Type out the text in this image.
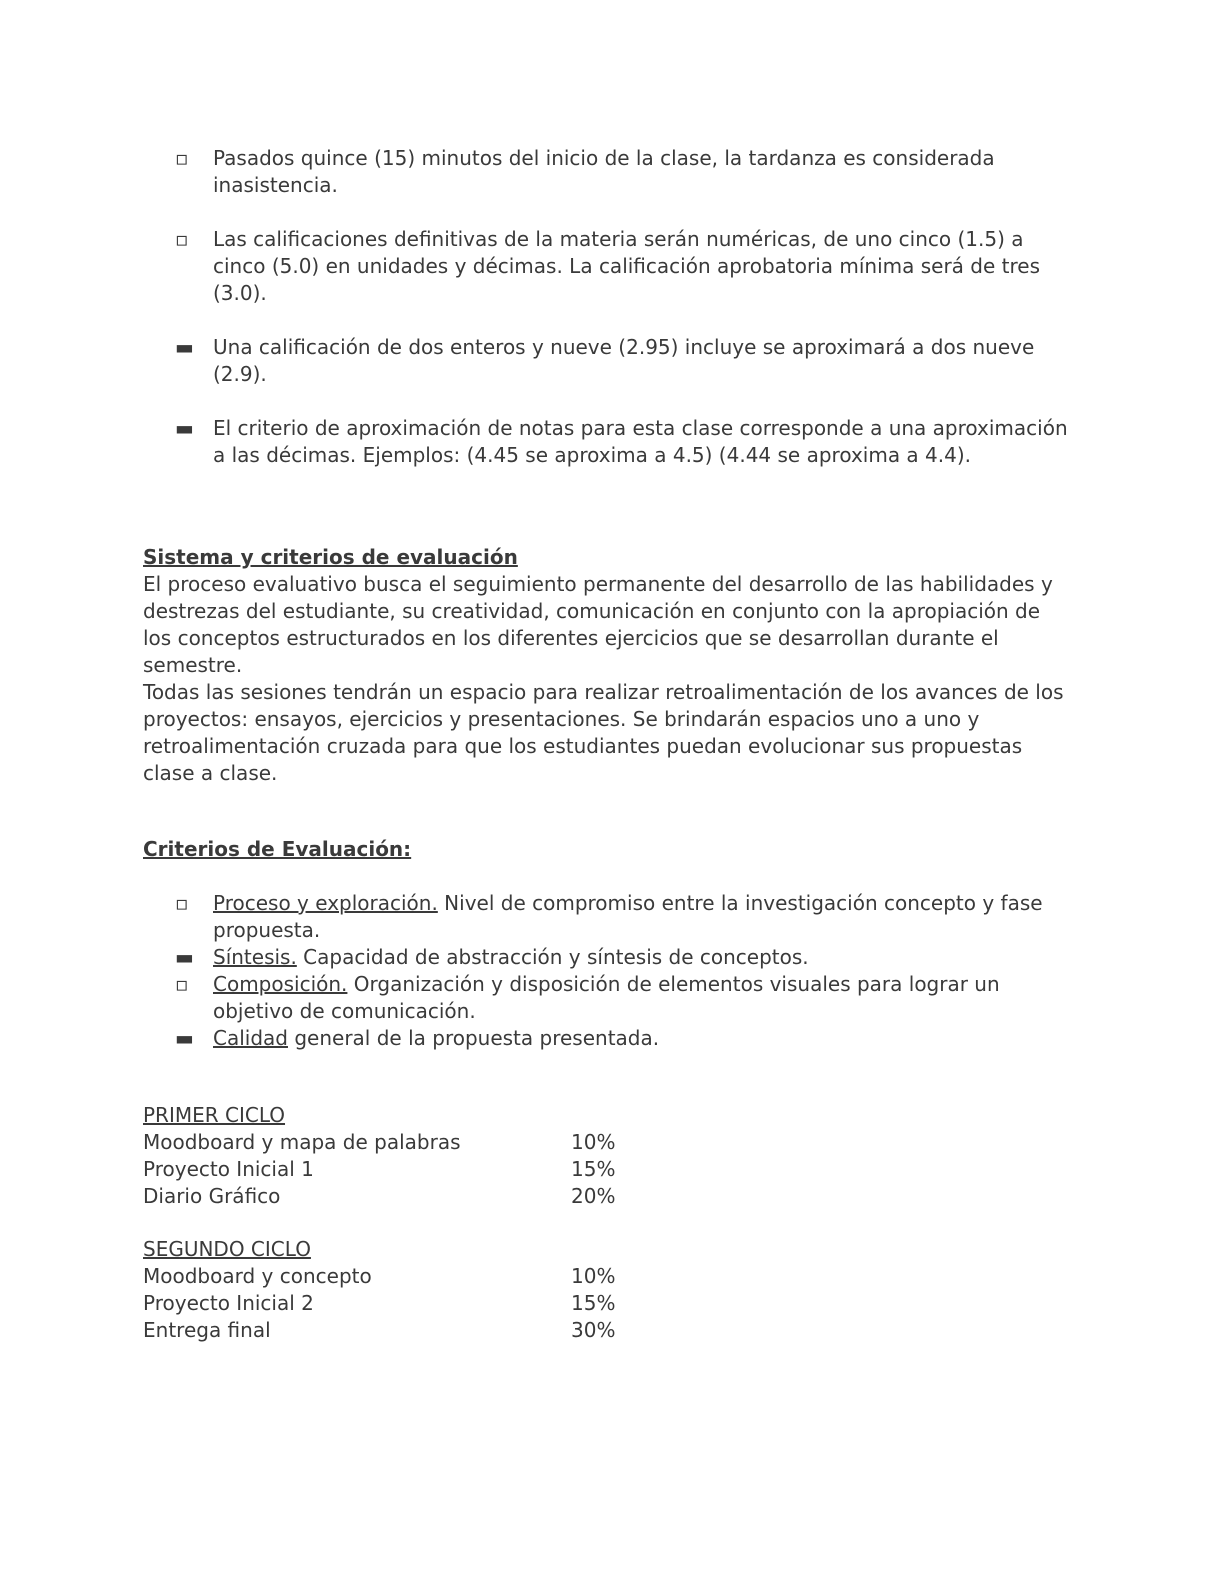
▫	Pasados quince (15) minutos del inicio de la clase, la tardanza es considerada inasistencia.
▫	Las calificaciones definitivas de la materia serán numéricas, de uno cinco (1.5) a cinco (5.0) en unidades y décimas. La calificación aprobatoria mínima será de tres (3.0).
▬ Una calificación de dos enteros y nueve (2.95) incluye se aproximará a dos nueve (2.9).
▬ El criterio de aproximación de notas para esta clase corresponde a una aproximación a las décimas. Ejemplos: (4.45 se aproxima a 4.5) (4.44 se aproxima a 4.4).
Sistema y criterios de evaluación

El proceso evaluativo busca el seguimiento permanente del desarrollo de las habilidades y destrezas del estudiante, su creatividad, comunicación en conjunto con la apropiación de los conceptos estructurados en los diferentes ejercicios que se desarrollan durante el semestre.

Todas las sesiones tendrán un espacio para realizar retroalimentación de los avances de los proyectos: ensayos, ejercicios y presentaciones. Se brindarán espacios uno a uno y retroalimentación cruzada para que los estudiantes puedan evolucionar sus propuestas clase a clase.

Criterios de Evaluación:
▫	Proceso y exploración. Nivel de compromiso entre la investigación concepto y fase propuesta.
▬ Síntesis. Capacidad de abstracción y síntesis de conceptos.
▫	Composición. Organización y disposición de elementos visuales para lograr un objetivo de comunicación.
▬ Calidad general de la propuesta presentada.
PRIMER CICLO
Moodboard y mapa de palabras	10%
Proyecto Inicial 1	15%
Diario Gráfico	20%
SEGUNDO CICLO
Moodboard y concepto	10%
Proyecto Inicial 2	15%
Entrega final	30%
